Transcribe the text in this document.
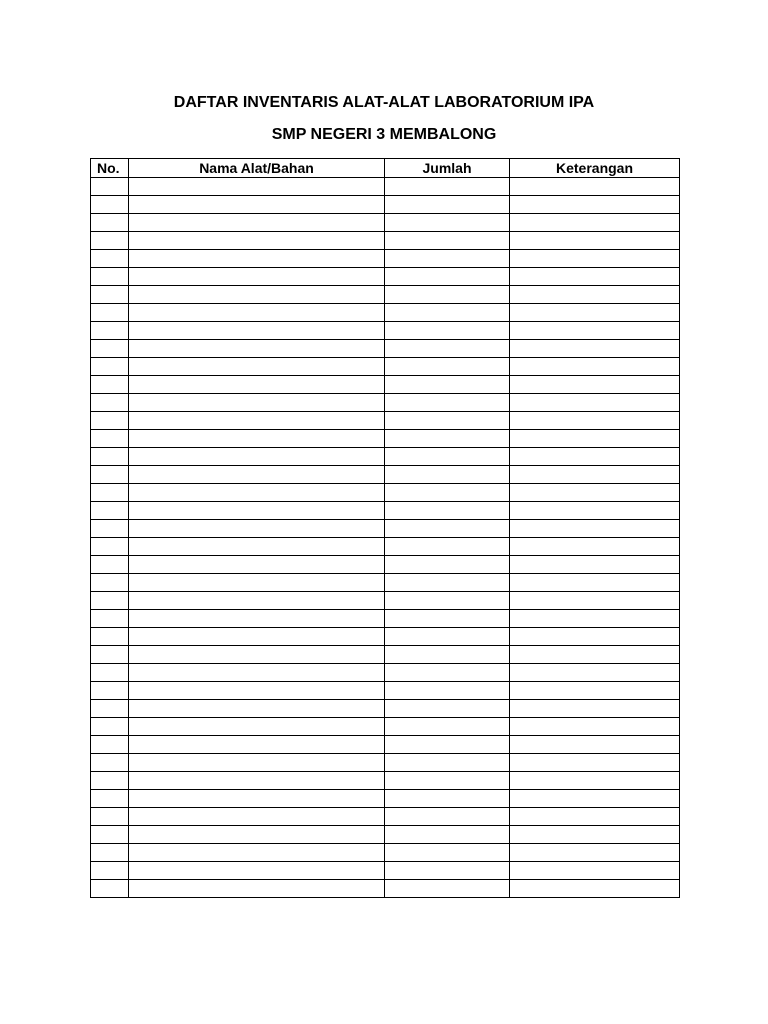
DAFTAR INVENTARIS ALAT-ALAT LABORATORIUM IPA
SMP NEGERI 3 MEMBALONG
No.	Nama Alat/Bahan	Jumlah	Keterangan
